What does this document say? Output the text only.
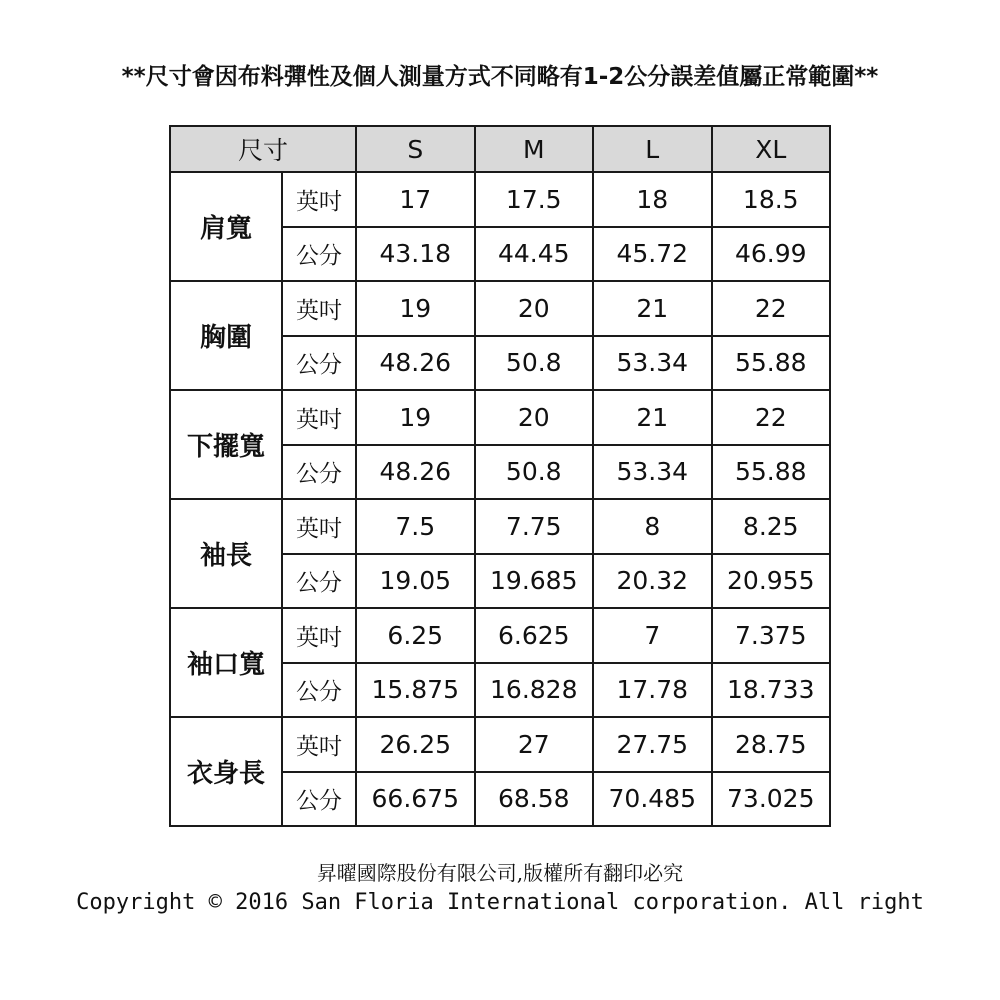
**尺寸會因布料彈性及個人測量方式不同略有1-2公分誤差值屬正常範圍**
尺寸		S	M	L	XL
肩寬	英吋	17	17.5	18	18.5
	公分	43.18	44.45	45.72	46.99
胸圍	英吋	19	20	21	22
	公分	48.26	50.8	53.34	55.88
下擺寬	英吋	19	20	21	22
	公分	48.26	50.8	53.34	55.88
袖長	英吋	7.5	7.75	8	8.25
	公分	19.05	19.685	20.32	20.955
袖口寬	英吋	6.25	6.625	7	7.375
	公分	15.875	16.828	17.78	18.733
衣身長	英吋	26.25	27	27.75	28.75
	公分	66.675	68.58	70.485	73.025
昇曜國際股份有限公司,版權所有翻印必究
Copyright © 2016 San Floria International corporation. All right
